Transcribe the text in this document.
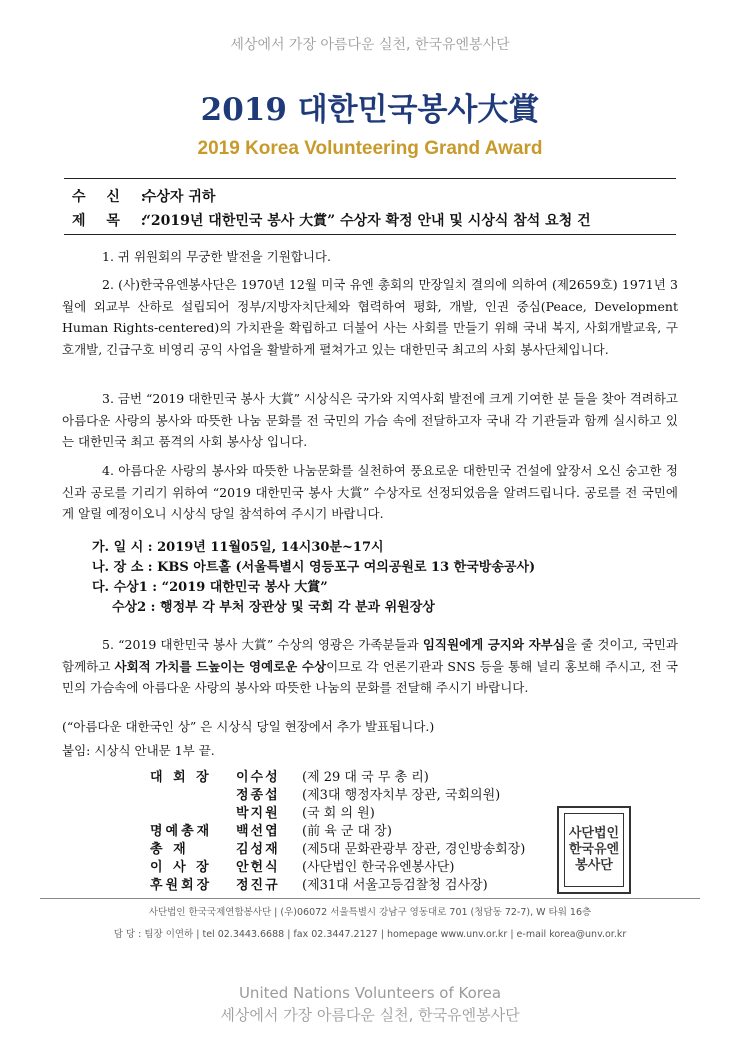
세상에서 가장 아름다운 실천, 한국유엔봉사단
2019 대한민국봉사大賞
2019 Korea Volunteering Grand Award
수 신 : 수상자 귀하
제 목 : “2019년 대한민국 봉사 大賞” 수상자 확정 안내 및 시상식 참석 요청 건

1. 귀 위원회의 무궁한 발전을 기원합니다.

2. (사)한국유엔봉사단은 1970년 12월 미국 유엔 총회의 만장일치 결의에 의하여 (제2659호) 1971년 3월에 외교부 산하로 설립되어 정부/지방자치단체와 협력하여 평화, 개발, 인권 중심(Peace, Development Human Rights-centered)의 가치관을 확립하고 더불어 사는 사회를 만들기 위해 국내 복지, 사회개발교육, 구호개발, 긴급구호 비영리 공익 사업을 활발하게 펼쳐가고 있는 대한민국 최고의 사회 봉사단체입니다.

3. 금번 “2019 대한민국 봉사 大賞” 시상식은 국가와 지역사회 발전에 크게 기여한 분 들을 찾아 격려하고 아름다운 사랑의 봉사와 따뜻한 나눔 문화를 전 국민의 가슴 속에 전달하고자 국내 각 기관들과 함께 실시하고 있는 대한민국 최고 품격의 사회 봉사상 입니다.

4. 아름다운 사랑의 봉사와 따뜻한 나눔문화를 실천하여 풍요로운 대한민국 건설에 앞장서 오신 숭고한 정신과 공로를 기리기 위하여 “2019 대한민국 봉사 大賞” 수상자로 선정되었음을 알려드립니다. 공로를 전 국민에게 알릴 예정이오니 시상식 당일 참석하여 주시기 바랍니다.

가. 일 시 : 2019년 11월05일, 14시30분~17시
나. 장 소 : KBS 아트홀 (서울특별시 영등포구 여의공원로 13 한국방송공사)
다. 수상1 : “2019 대한민국 봉사 大賞”
수상2 : 행정부 각 부처 장관상 및 국회 각 분과 위원장상

5. “2019 대한민국 봉사 大賞” 수상의 영광은 가족분들과 임직원에게 긍지와 자부심을 줄 것이고, 국민과 함께하고 사회적 가치를 드높이는 영예로운 수상이므로 각 언론기관과 SNS 등을 통해 널리 홍보해 주시고, 전 국민의 가슴속에 아름다운 사랑의 봉사와 따뜻한 나눔의 문화를 전달해 주시기 바랍니다.

(“아름다운 대한국인 상” 은 시상식 당일 현장에서 추가 발표됩니다.)

붙임: 시상식 안내문 1부 끝.

대 회 장 이수성 (제 29 대 국 무 총 리)
정종섭 (제3대 행정자치부 장관, 국회의원)
박지원 (국 회 의 원)
명예총재 백선엽 (前 육 군 대 장)
총 재	김성재 (제5대 문화관광부 장관, 경인방송회장)
이 사 장 안헌식 (사단법인 한국유엔봉사단)
후원회장 정진규 (제31대 서울고등검찰청 검사장)
사단법인한국유엔봉사단
사단법인 한국국제연합봉사단 | (우)06072 서울특별시 강남구 영동대로 701 (청담동 72-7), W 타워 16층
담 당 : 팀장 이연하 | tel 02.3443.6688 | fax 02.3447.2127 | homepage www.unv.or.kr | e-mail korea@unv.or.kr
United Nations Volunteers of Korea
세상에서 가장 아름다운 실천, 한국유엔봉사단
